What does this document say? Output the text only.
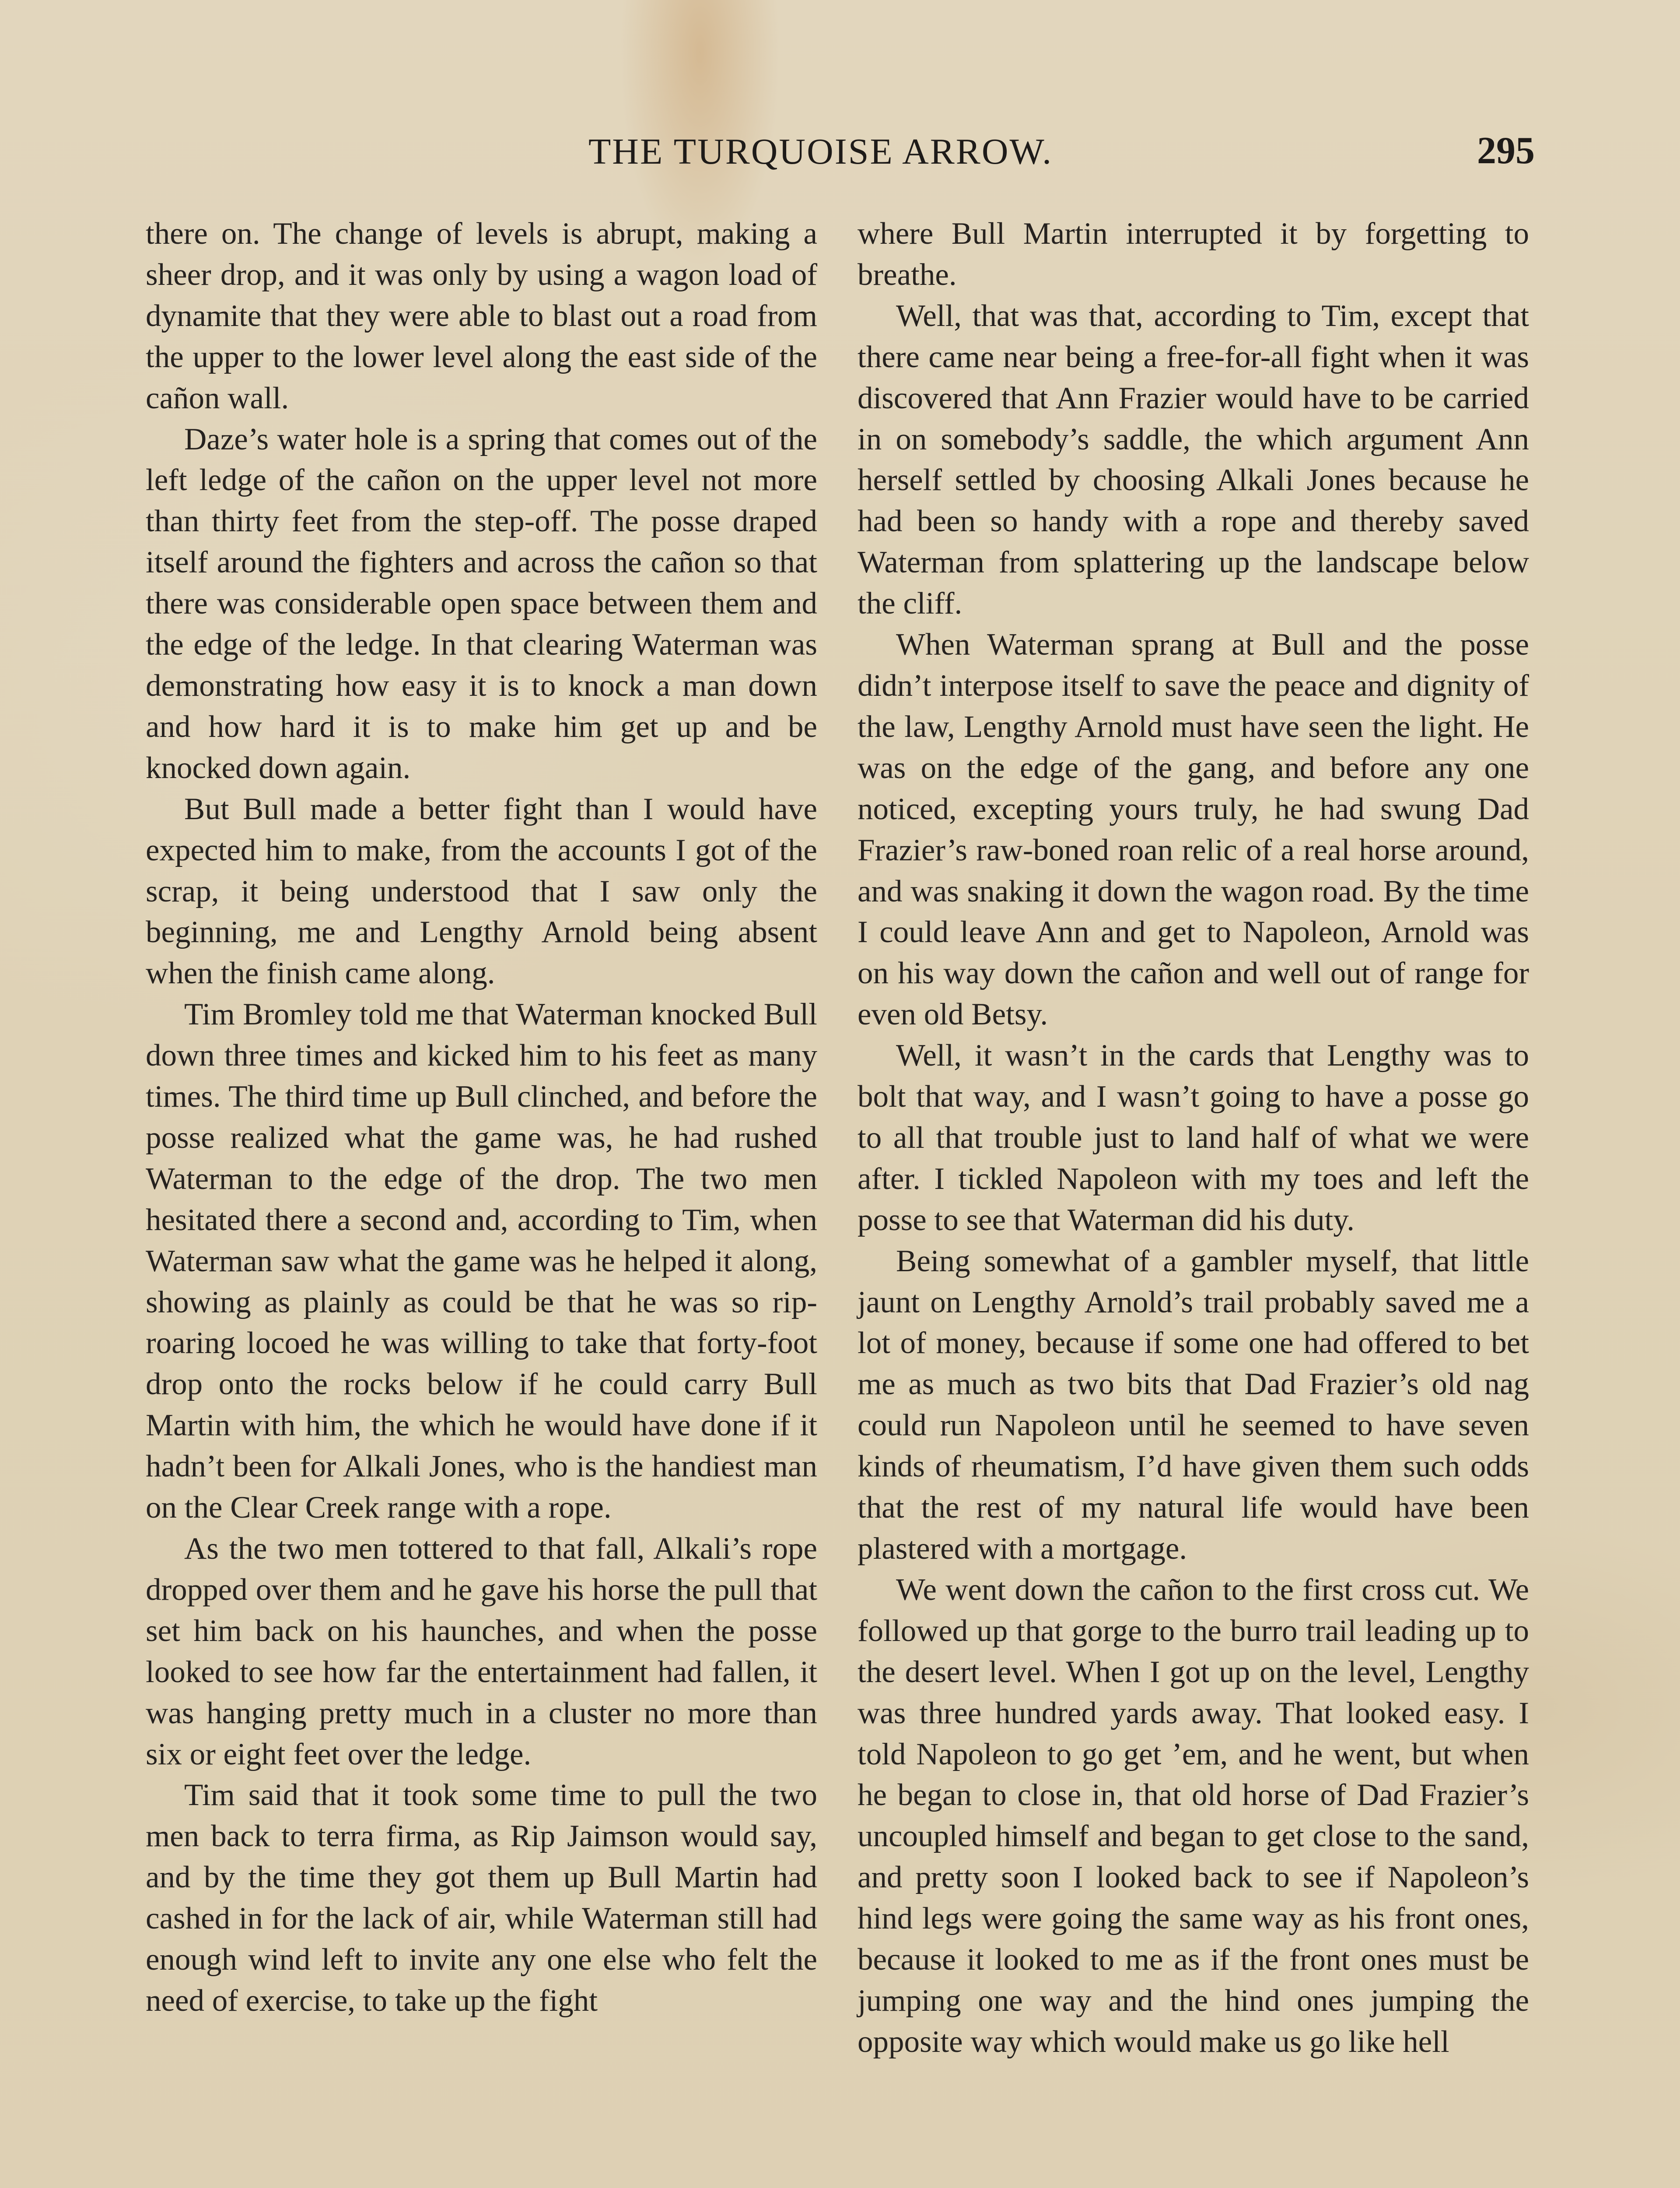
THE TURQUOISE ARROW.	295

there on. The change of levels is abrupt, making a sheer drop, and it was only by using a wagon load of dynamite that they were able to blast out a road from the upper to the lower level along the east side of the cañon wall.

Daze’s water hole is a spring that comes out of the left ledge of the cañon on the upper level not more than thirty feet from the step-off. The posse draped itself around the fighters and across the cañon so that there was considerable open space between them and the edge of the ledge. In that clearing Waterman was demonstrating how easy it is to knock a man down and how hard it is to make him get up and be knocked down again.

But Bull made a better fight than I would have expected him to make, from the accounts I got of the scrap, it being understood that I saw only the beginning, me and Lengthy Arnold being absent when the finish came along.

Tim Bromley told me that Waterman knocked Bull down three times and kicked him to his feet as many times. The third time up Bull clinched, and before the posse realized what the game was, he had rushed Waterman to the edge of the drop. The two men hesitated there a second and, according to Tim, when Waterman saw what the game was he helped it along, showing as plainly as could be that he was so rip-roaring locoed he was willing to take that forty-foot drop onto the rocks below if he could carry Bull Martin with him, the which he would have done if it hadn’t been for Alkali Jones, who is the handiest man on the Clear Creek range with a rope.

As the two men tottered to that fall, Alkali’s rope dropped over them and he gave his horse the pull that set him back on his haunches, and when the posse looked to see how far the entertainment had fallen, it was hanging pretty much in a cluster no more than six or eight feet over the ledge.

Tim said that it took some time to pull the two men back to terra firma, as Rip Jaimson would say, and by the time they got them up Bull Martin had cashed in for the lack of air, while Waterman still had enough wind left to invite any one else who felt the need of exercise, to take up the fight

where Bull Martin interrupted it by forgetting to breathe.

Well, that was that, according to Tim, except that there came near being a free-for-all fight when it was discovered that Ann Frazier would have to be carried in on somebody’s saddle, the which argument Ann herself settled by choosing Alkali Jones because he had been so handy with a rope and thereby saved Waterman from splattering up the landscape below the cliff.

When Waterman sprang at Bull and the posse didn’t interpose itself to save the peace and dignity of the law, Lengthy Arnold must have seen the light. He was on the edge of the gang, and before any one noticed, excepting yours truly, he had swung Dad Frazier’s raw-boned roan relic of a real horse around, and was snaking it down the wagon road. By the time I could leave Ann and get to Napoleon, Arnold was on his way down the cañon and well out of range for even old Betsy.

Well, it wasn’t in the cards that Lengthy was to bolt that way, and I wasn’t going to have a posse go to all that trouble just to land half of what we were after. I tickled Napoleon with my toes and left the posse to see that Waterman did his duty.

Being somewhat of a gambler myself, that little jaunt on Lengthy Arnold’s trail probably saved me a lot of money, because if some one had offered to bet me as much as two bits that Dad Frazier’s old nag could run Napoleon until he seemed to have seven kinds of rheumatism, I’d have given them such odds that the rest of my natural life would have been plastered with a mortgage.

We went down the cañon to the first cross cut. We followed up that gorge to the burro trail leading up to the desert level. When I got up on the level, Lengthy was three hundred yards away. That looked easy. I told Napoleon to go get ’em, and he went, but when he began to close in, that old horse of Dad Frazier’s uncoupled himself and began to get close to the sand, and pretty soon I looked back to see if Napoleon’s hind legs were going the same way as his front ones, because it looked to me as if the front ones must be jumping one way and the hind ones jumping the opposite way which would make us go like hell
